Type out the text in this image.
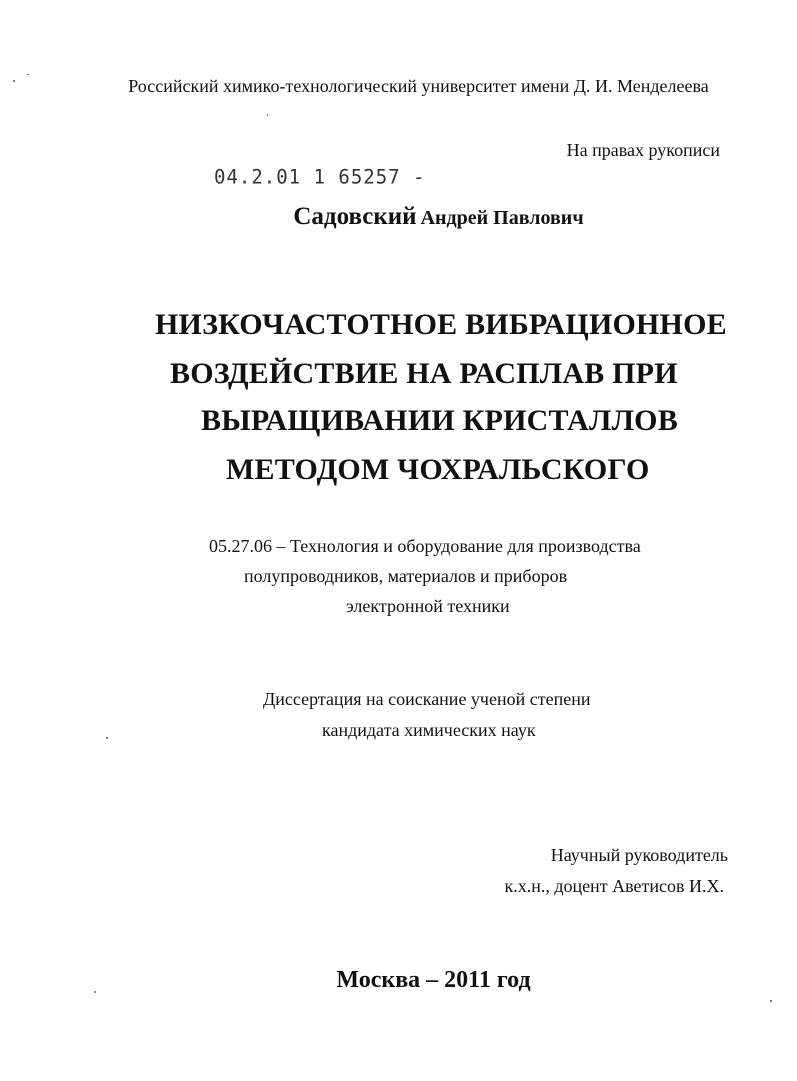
Российский химико-технологический университет имени Д. И. Менделеева
На правах рукописи
04.2.01 1 65257 -
Садовский Андрей Павлович
НИЗКОЧАСТОТНОЕ ВИБРАЦИОННОЕ
ВОЗДЕЙСТВИЕ НА РАСПЛАВ ПРИ
ВЫРАЩИВАНИИ КРИСТАЛЛОВ
МЕТОДОМ ЧОХРАЛЬСКОГО
05.27.06 – Технология и оборудование для производства
полупроводников, материалов и приборов
электронной техники
Диссертация на соискание ученой степени
кандидата химических наук
Научный руководитель
к.х.н., доцент Аветисов И.Х.
Москва – 2011 год
